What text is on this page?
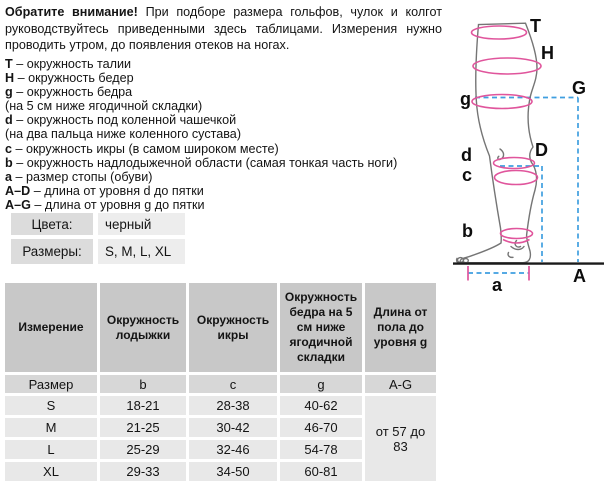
Обратите внимание! При подборе размера гольфов, чулок и колгот
руководствуйтесь приведенными здесь таблицами. Измерения нужно
проводить утром, до появления отеков на ногах.
T – окружность талии
H – окружность бедер
g – окружность бедра
(на 5 см ниже ягодичной складки)
d – окружность под коленной чашечкой
(на два пальца ниже коленного сустава)
c – окружность икры (в самом широком месте)
b – окружность надлодыжечной области (самая тонкая часть ноги)
a – размер стопы (обуви)
A–D – длина от уровня d до пятки
A–G – длина от уровня g до пятки
Цвета:	черный
Размеры:	S, M, L, XL
Измерение	Окружность лодыжки	Окружность икры	Окружность бедра на 5 см ниже ягодичной складки	Длина от пола до уровня g
Размер	b	c	g	A-G
S	18-21	28-38	40-62	от 57 до 83
M	21-25	30-42	46-70	
L	25-29	32-46	54-78	
XL	29-33	34-50	60-81	
T
H
G
g
D
d
c
b
a	A
